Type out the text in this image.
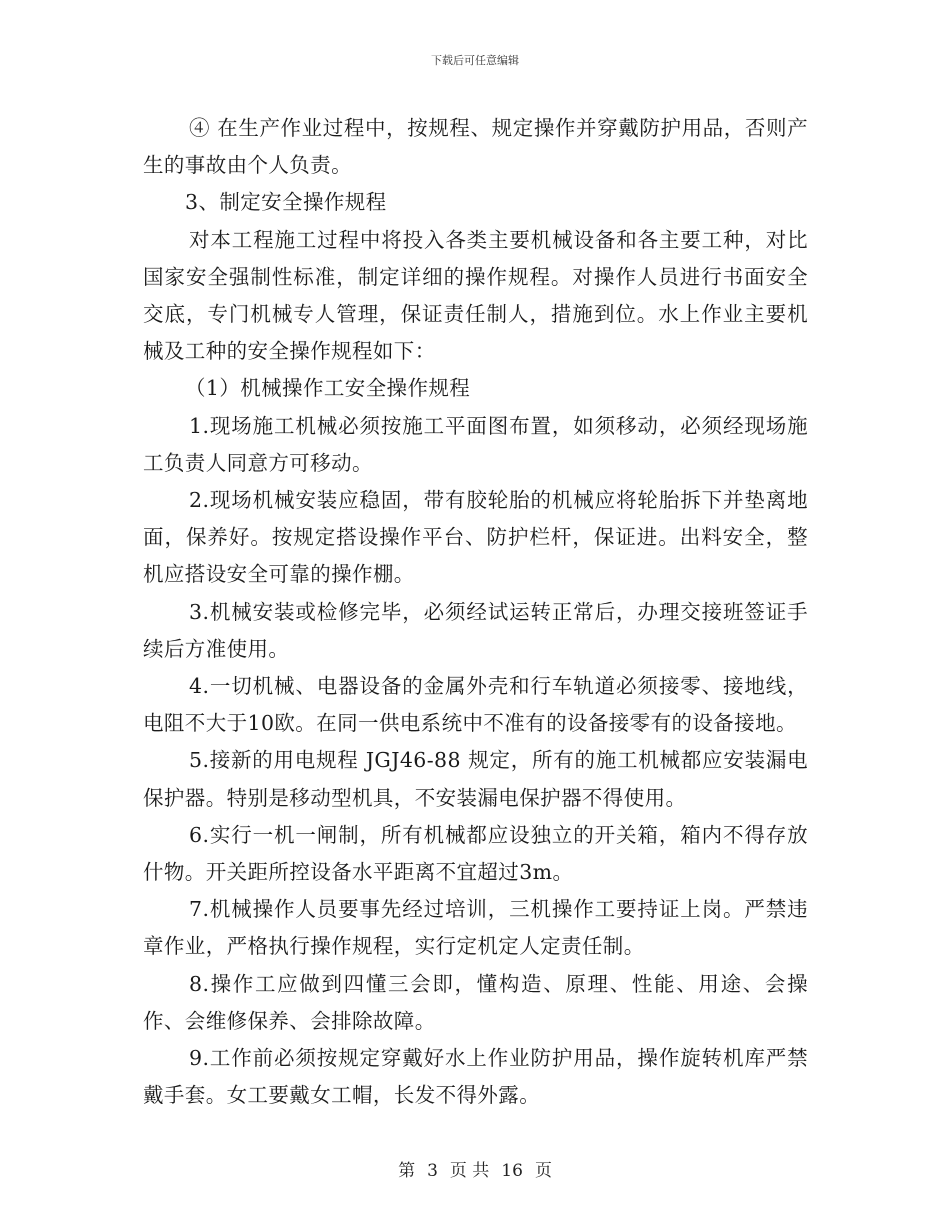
下载后可任意编辑

④ 在生产作业过程中，按规程、规定操作并穿戴防护用品，否则产生的事故由个人负责。

3、制定安全操作规程

对本工程施工过程中将投入各类主要机械设备和各主要工种，对比国家安全强制性标准，制定详细的操作规程。对操作人员进行书面安全交底，专门机械专人管理，保证责任制人，措施到位。水上作业主要机械及工种的安全操作规程如下：

（1）机械操作工安全操作规程

1.现场施工机械必须按施工平面图布置，如须移动，必须经现场施工负责人同意方可移动。

2.现场机械安装应稳固，带有胶轮胎的机械应将轮胎拆下并垫离地面，保养好。按规定搭设操作平台、防护栏杆，保证进。出料安全，整机应搭设安全可靠的操作棚。

3.机械安装或检修完毕，必须经试运转正常后，办理交接班签证手续后方准使用。

4.一切机械、电器设备的金属外壳和行车轨道必须接零、接地线，电阻不大于10欧。在同一供电系统中不准有的设备接零有的设备接地。

5.接新的用电规程 JGJ46-88 规定，所有的施工机械都应安装漏电保护器。特别是移动型机具，不安装漏电保护器不得使用。

6.实行一机一闸制，所有机械都应设独立的开关箱，箱内不得存放什物。开关距所控设备水平距离不宜超过3m。

7.机械操作人员要事先经过培训，三机操作工要持证上岗。严禁违章作业，严格执行操作规程，实行定机定人定责任制。

8.操作工应做到四懂三会即，懂构造、原理、性能、用途、会操作、会维修保养、会排除故障。

9.工作前必须按规定穿戴好水上作业防护用品，操作旋转机库严禁戴手套。女工要戴女工帽，长发不得外露。

第 3 页 共 16 页
